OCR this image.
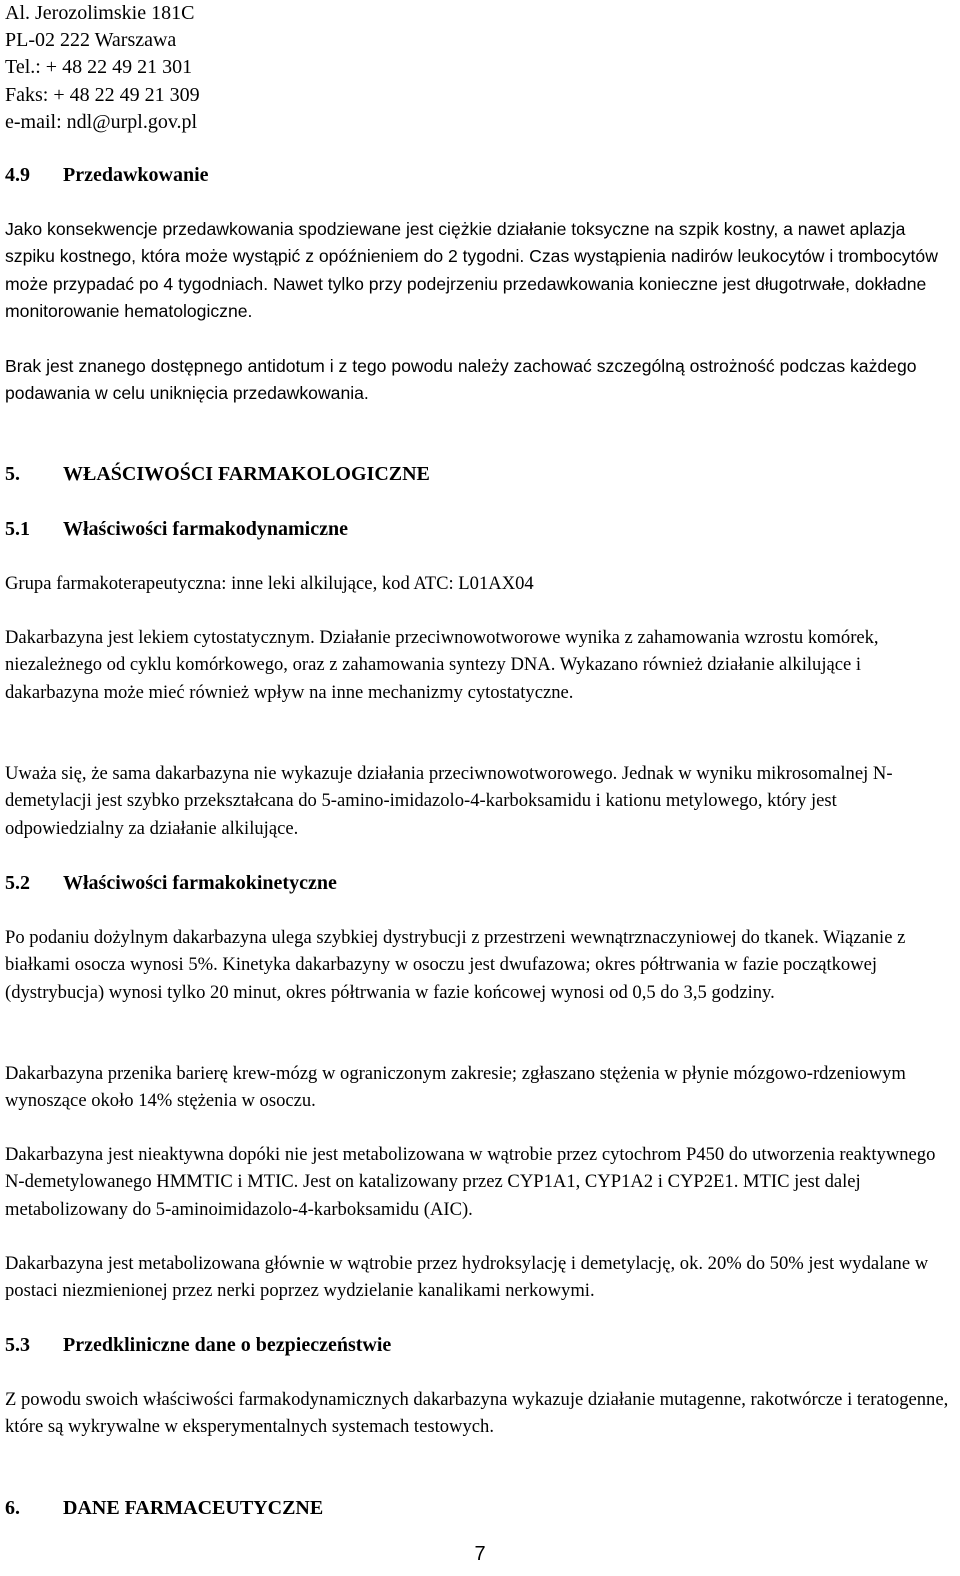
Al. Jerozolimskie 181C
PL-02 222 Warszawa
Tel.: + 48 22 49 21 301
Faks: + 48 22 49 21 309
e-mail: ndl@urpl.gov.pl
4.9	Przedawkowanie

Jako konsekwencje przedawkowania spodziewane jest ciężkie działanie toksyczne na szpik kostny, a nawet aplazja szpiku kostnego, która może wystąpić z opóźnieniem do 2 tygodni. Czas wystąpienia nadirów leukocytów i trombocytów może przypadać po 4 tygodniach. Nawet tylko przy podejrzeniu przedawkowania konieczne jest długotrwałe, dokładne monitorowanie hematologiczne.

Brak jest znanego dostępnego antidotum i z tego powodu należy zachować szczególną ostrożność podczas każdego podawania w celu uniknięcia przedawkowania.

5.	WŁAŚCIWOŚCI FARMAKOLOGICZNE
5.1	Właściwości farmakodynamiczne

Grupa farmakoterapeutyczna: inne leki alkilujące, kod ATC: L01AX04

Dakarbazyna jest lekiem cytostatycznym. Działanie przeciwnowotworowe wynika z zahamowania wzrostu komórek, niezależnego od cyklu komórkowego, oraz z zahamowania syntezy DNA. Wykazano również działanie alkilujące i dakarbazyna może mieć również wpływ na inne mechanizmy cytostatyczne.

Uważa się, że sama dakarbazyna nie wykazuje działania przeciwnowotworowego. Jednak w wyniku mikrosomalnej N-demetylacji jest szybko przekształcana do 5-amino-imidazolo-4-karboksamidu i kationu metylowego, który jest odpowiedzialny za działanie alkilujące.

5.2	Właściwości farmakokinetyczne

Po podaniu dożylnym dakarbazyna ulega szybkiej dystrybucji z przestrzeni wewnątrznaczyniowej do tkanek. Wiązanie z białkami osocza wynosi 5%. Kinetyka dakarbazyny w osoczu jest dwufazowa; okres półtrwania w fazie początkowej (dystrybucja) wynosi tylko 20 minut, okres półtrwania w fazie końcowej wynosi od 0,5 do 3,5 godziny.

Dakarbazyna przenika barierę krew-mózg w ograniczonym zakresie; zgłaszano stężenia w płynie mózgowo-rdzeniowym wynoszące około 14% stężenia w osoczu.

Dakarbazyna jest nieaktywna dopóki nie jest metabolizowana w wątrobie przez cytochrom P450 do utworzenia reaktywnego N-demetylowanego HMMTIC i MTIC. Jest on katalizowany przez CYP1A1, CYP1A2 i CYP2E1. MTIC jest dalej metabolizowany do 5-aminoimidazolo-4-karboksamidu (AIC).

Dakarbazyna jest metabolizowana głównie w wątrobie przez hydroksylację i demetylację, ok. 20% do 50% jest wydalane w postaci niezmienionej przez nerki poprzez wydzielanie kanalikami nerkowymi.

5.3	Przedkliniczne dane o bezpieczeństwie

Z powodu swoich właściwości farmakodynamicznych dakarbazyna wykazuje działanie mutagenne, rakotwórcze i teratogenne, które są wykrywalne w eksperymentalnych systemach testowych.

6.	DANE FARMACEUTYCZNE
7
